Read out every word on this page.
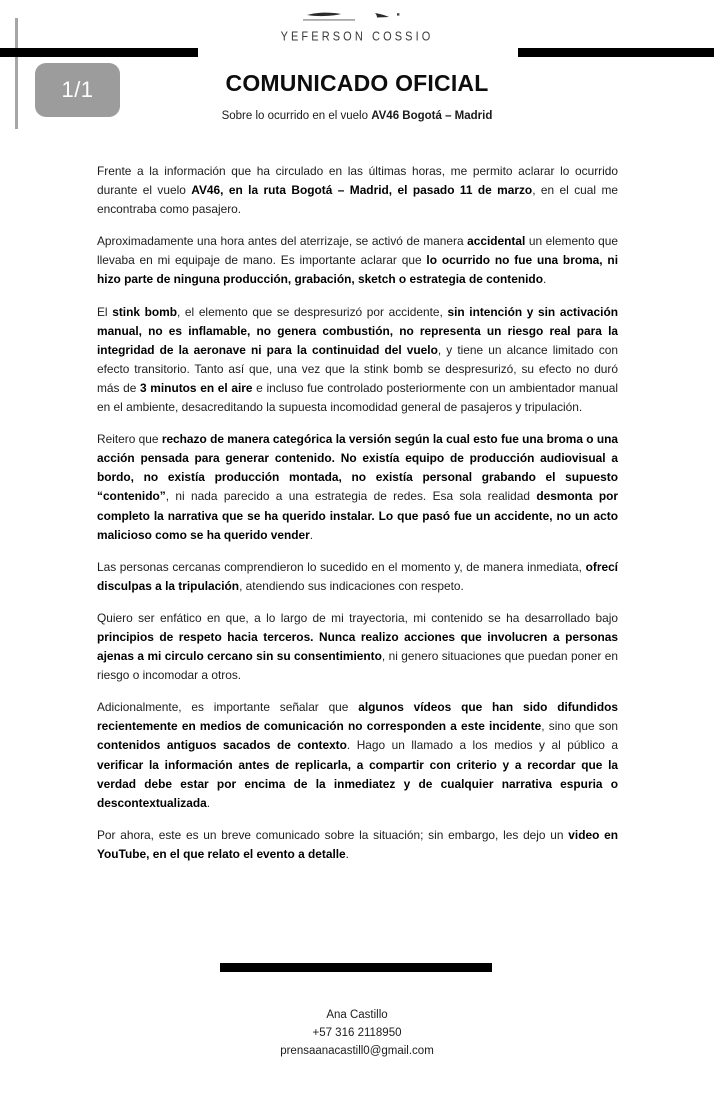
1/1
YEFERSON COSSIO
COMUNICADO OFICIAL
Sobre lo ocurrido en el vuelo AV46 Bogotá – Madrid

Frente a la información que ha circulado en las últimas horas, me permito aclarar lo ocurrido durante el vuelo AV46, en la ruta Bogotá – Madrid, el pasado 11 de marzo, en el cual me encontraba como pasajero.

Aproximadamente una hora antes del aterrizaje, se activó de manera accidental un elemento que llevaba en mi equipaje de mano. Es importante aclarar que lo ocurrido no fue una broma, ni hizo parte de ninguna producción, grabación, sketch o estrategia de contenido.

El stink bomb, el elemento que se despresurizó por accidente, sin intención y sin activación manual, no es inflamable, no genera combustión, no representa un riesgo real para la integridad de la aeronave ni para la continuidad del vuelo, y tiene un alcance limitado con efecto transitorio. Tanto así que, una vez que la stink bomb se despresurizó, su efecto no duró más de 3 minutos en el aire e incluso fue controlado posteriormente con un ambientador manual en el ambiente, desacreditando la supuesta incomodidad general de pasajeros y tripulación.

Reitero que rechazo de manera categórica la versión según la cual esto fue una broma o una acción pensada para generar contenido. No existía equipo de producción audiovisual a bordo, no existía producción montada, no existía personal grabando el supuesto “contenido”, ni nada parecido a una estrategia de redes. Esa sola realidad desmonta por completo la narrativa que se ha querido instalar. Lo que pasó fue un accidente, no un acto malicioso como se ha querido vender.

Las personas cercanas comprendieron lo sucedido en el momento y, de manera inmediata, ofrecí disculpas a la tripulación, atendiendo sus indicaciones con respeto.

Quiero ser enfático en que, a lo largo de mi trayectoria, mi contenido se ha desarrollado bajo principios de respeto hacia terceros. Nunca realizo acciones que involucren a personas ajenas a mi circulo cercano sin su consentimiento, ni genero situaciones que puedan poner en riesgo o incomodar a otros.

Adicionalmente, es importante señalar que algunos vídeos que han sido difundidos recientemente en medios de comunicación no corresponden a este incidente, sino que son contenidos antiguos sacados de contexto. Hago un llamado a los medios y al público a verificar la información antes de replicarla, a compartir con criterio y a recordar que la verdad debe estar por encima de la inmediatez y de cualquier narrativa espuria o descontextualizada.

Por ahora, este es un breve comunicado sobre la situación; sin embargo, les dejo un video en YouTube, en el que relato el evento a detalle.

Ana Castillo
+57 316 2118950
prensaanacastill0@gmail.com
